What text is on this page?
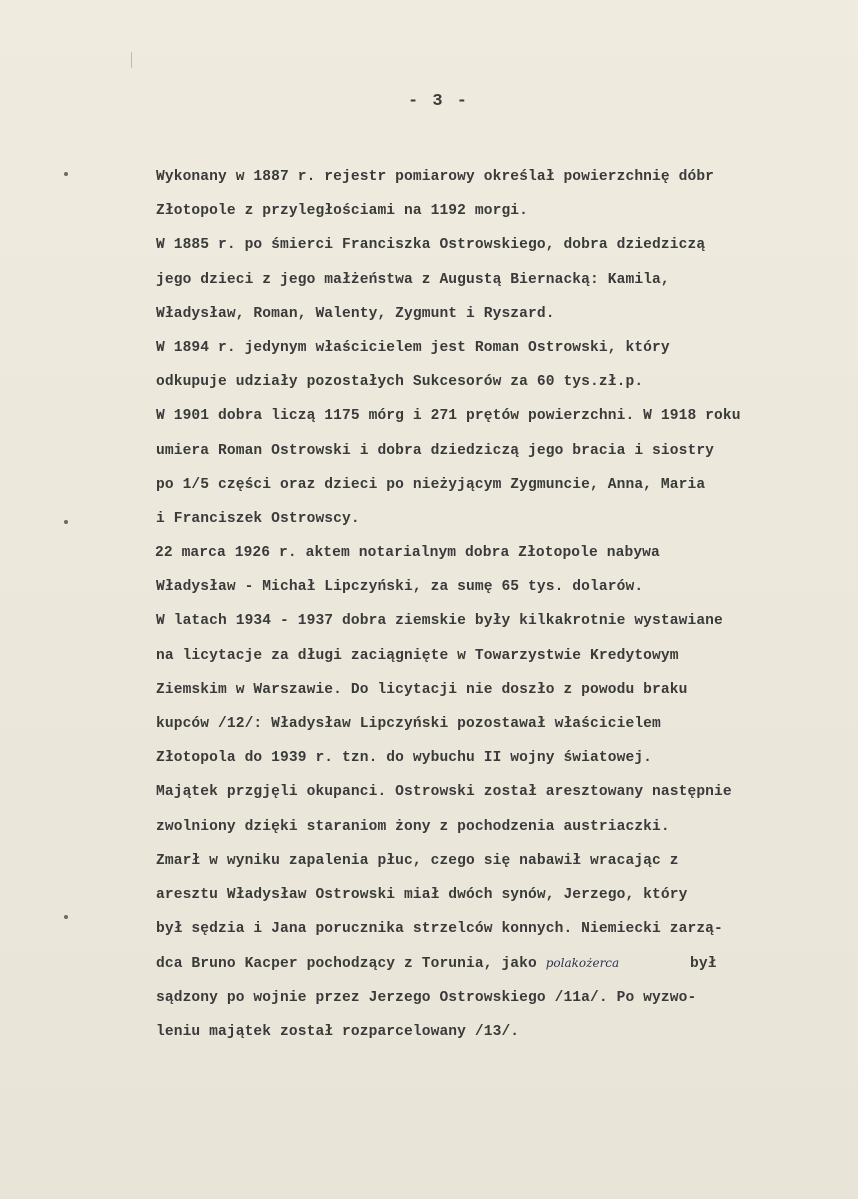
- 3 -
Wykonany w 1887 r. rejestr pomiarowy określał powierzchnię dóbr
Złotopole z przyległościami na 1192 morgi.
W 1885 r. po śmierci Franciszka Ostrowskiego, dobra dziedziczą
jego dzieci z jego małżeństwa z Augustą Biernacką: Kamila,
Władysław, Roman, Walenty, Zygmunt i Ryszard.
W 1894 r. jedynym właścicielem jest Roman Ostrowski, który
odkupuje udziały pozostałych Sukcesorów za 60 tys.zł.p.
W 1901 dobra liczą 1175 mórg i 271 prętów powierzchni. W 1918 roku
umiera Roman Ostrowski i dobra dziedziczą jego bracia i siostry
po 1/5 części oraz dzieci po nieżyjącym Zygmuncie, Anna, Maria
i Franciszek Ostrowscy.
22 marca 1926 r. aktem notarialnym dobra Złotopole nabywa
Władysław - Michał Lipczyński, za sumę 65 tys. dolarów.
W latach 1934 - 1937 dobra ziemskie były kilkakrotnie wystawiane
na licytacje za długi zaciągnięte w Towarzystwie Kredytowym
Ziemskim w Warszawie. Do licytacji nie doszło z powodu braku
kupców /12/: Władysław Lipczyński pozostawał właścicielem
Złotopola do 1939 r. tzn. do wybuchu II wojny światowej.
Majątek przgjęli okupanci. Ostrowski został aresztowany następnie
zwolniony dzięki staraniom żony z pochodzenia austriaczki.
Zmarł w wyniku zapalenia płuc, czego się nabawił wracając z
aresztu Władysław Ostrowski miał dwóch synów, Jerzego, który
był sędzia i Jana porucznika strzelców konnych. Niemiecki zarzą-
dca Bruno Kacper pochodzący z Torunia, jako polakożerca        był
sądzony po wojnie przez Jerzego Ostrowskiego /11a/. Po wyzwo-
leniu majątek został rozparcelowany /13/.
